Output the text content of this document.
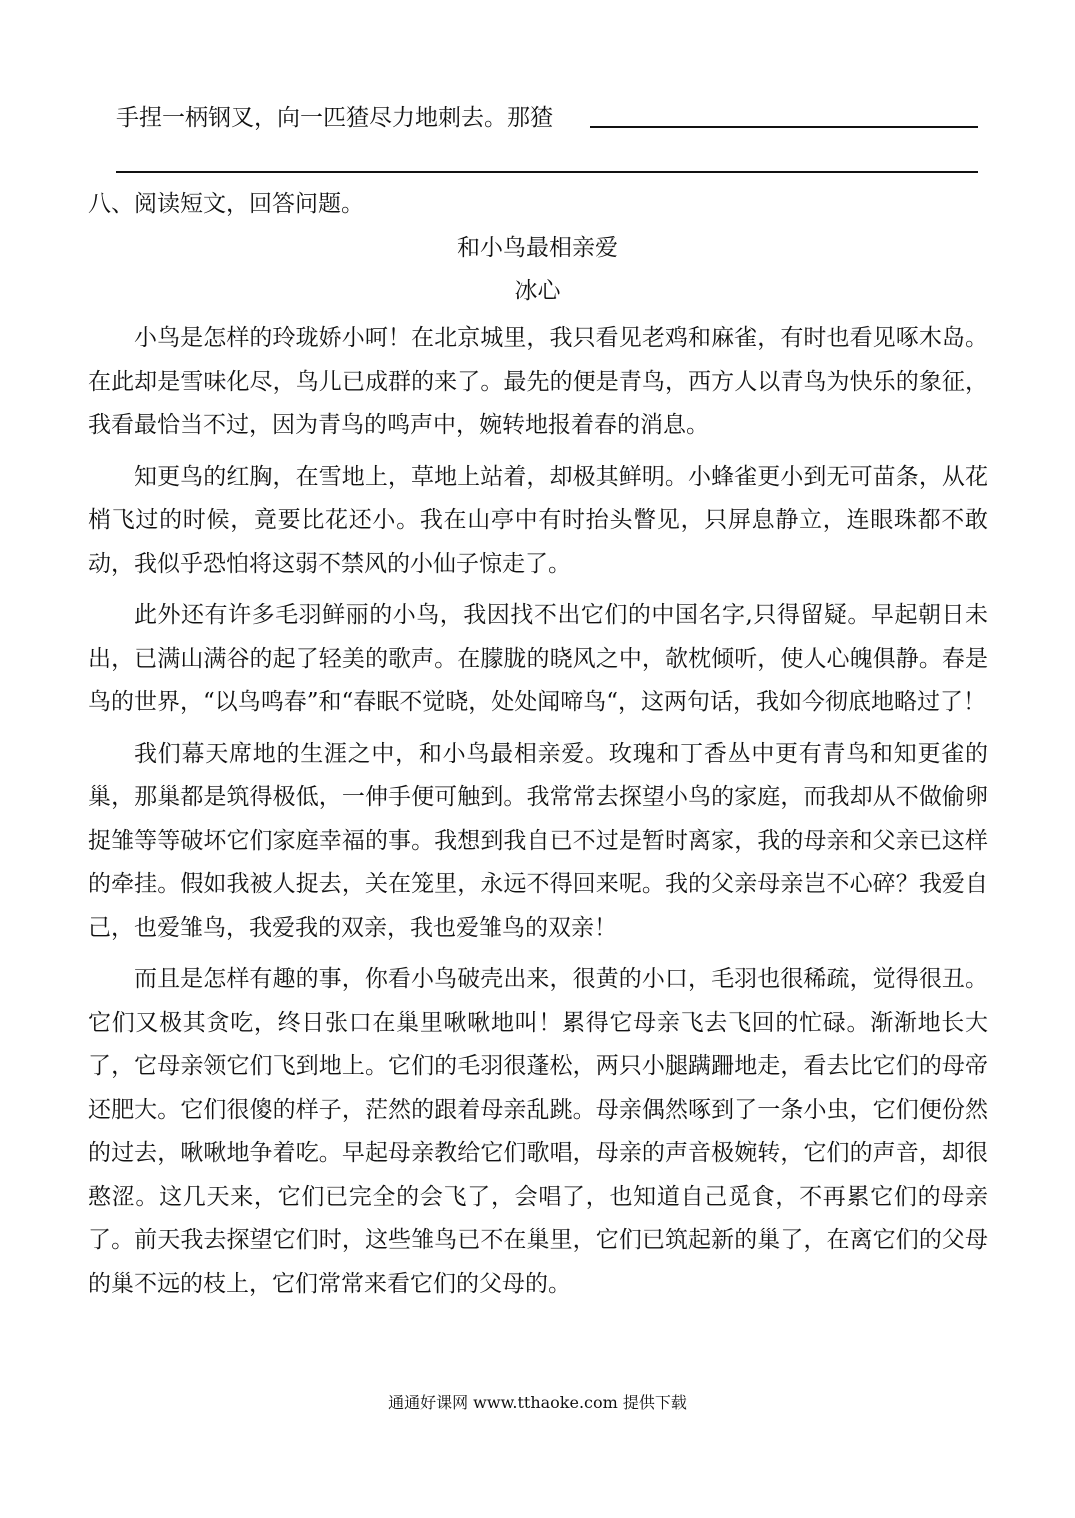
手捏一柄钢叉，向一匹猹尽力地刺去。那猹
八、阅读短文，回答问题。
和小鸟最相亲爱
冰心

小鸟是怎样的玲珑娇小呵！在北京城里，我只看见老鸡和麻雀，有时也看见啄木岛。在此却是雪味化尽，鸟儿已成群的来了。最先的便是青鸟，西方人以青鸟为快乐的象征，我看最恰当不过，因为青鸟的鸣声中，婉转地报着春的消息。

知更鸟的红胸，在雪地上，草地上站着，却极其鲜明。小蜂雀更小到无可苗条，从花梢飞过的时候，竟要比花还小。我在山亭中有时抬头瞥见，只屏息静立，连眼珠都不敢动，我似乎恐怕将这弱不禁风的小仙子惊走了。

此外还有许多毛羽鲜丽的小鸟，我因找不出它们的中国名字,只得留疑。早起朝日未出，已满山满谷的起了轻美的歌声。在朦胧的晓风之中，欹枕倾听，使人心魄俱静。春是鸟的世界，“以鸟鸣春”和“春眠不觉晓，处处闻啼鸟“，这两句话，我如今彻底地略过了！

我们幕天席地的生涯之中，和小鸟最相亲爱。玫瑰和丁香丛中更有青鸟和知更雀的巢，那巢都是筑得极低，一伸手便可触到。我常常去探望小鸟的家庭，而我却从不做偷卵捉雏等等破坏它们家庭幸福的事。我想到我自已不过是暂时离家，我的母亲和父亲已这样的牵挂。假如我被人捉去，关在笼里，永远不得回来呢。我的父亲母亲岂不心碎？我爱自己，也爱雏鸟，我爱我的双亲，我也爱雏鸟的双亲！

而且是怎样有趣的事，你看小鸟破壳出来，很黄的小口，毛羽也很稀疏，觉得很丑。它们又极其贪吃，终日张口在巢里啾啾地叫！累得它母亲飞去飞回的忙碌。渐渐地长大了，它母亲领它们飞到地上。它们的毛羽很蓬松，两只小腿蹒跚地走，看去比它们的母帝还肥大。它们很傻的样子，茫然的跟着母亲乱跳。母亲偶然啄到了一条小虫，它们便份然的过去，啾啾地争着吃。早起母亲教给它们歌唱，母亲的声音极婉转，它们的声音，却很憨涩。这几天来，它们已完全的会飞了，会唱了，也知道自己觅食，不再累它们的母亲了。前天我去探望它们时，这些雏鸟已不在巢里，它们已筑起新的巢了，在离它们的父母的巢不远的枝上，它们常常来看它们的父母的。

通通好课网 www.tthaoke.com 提供下载
